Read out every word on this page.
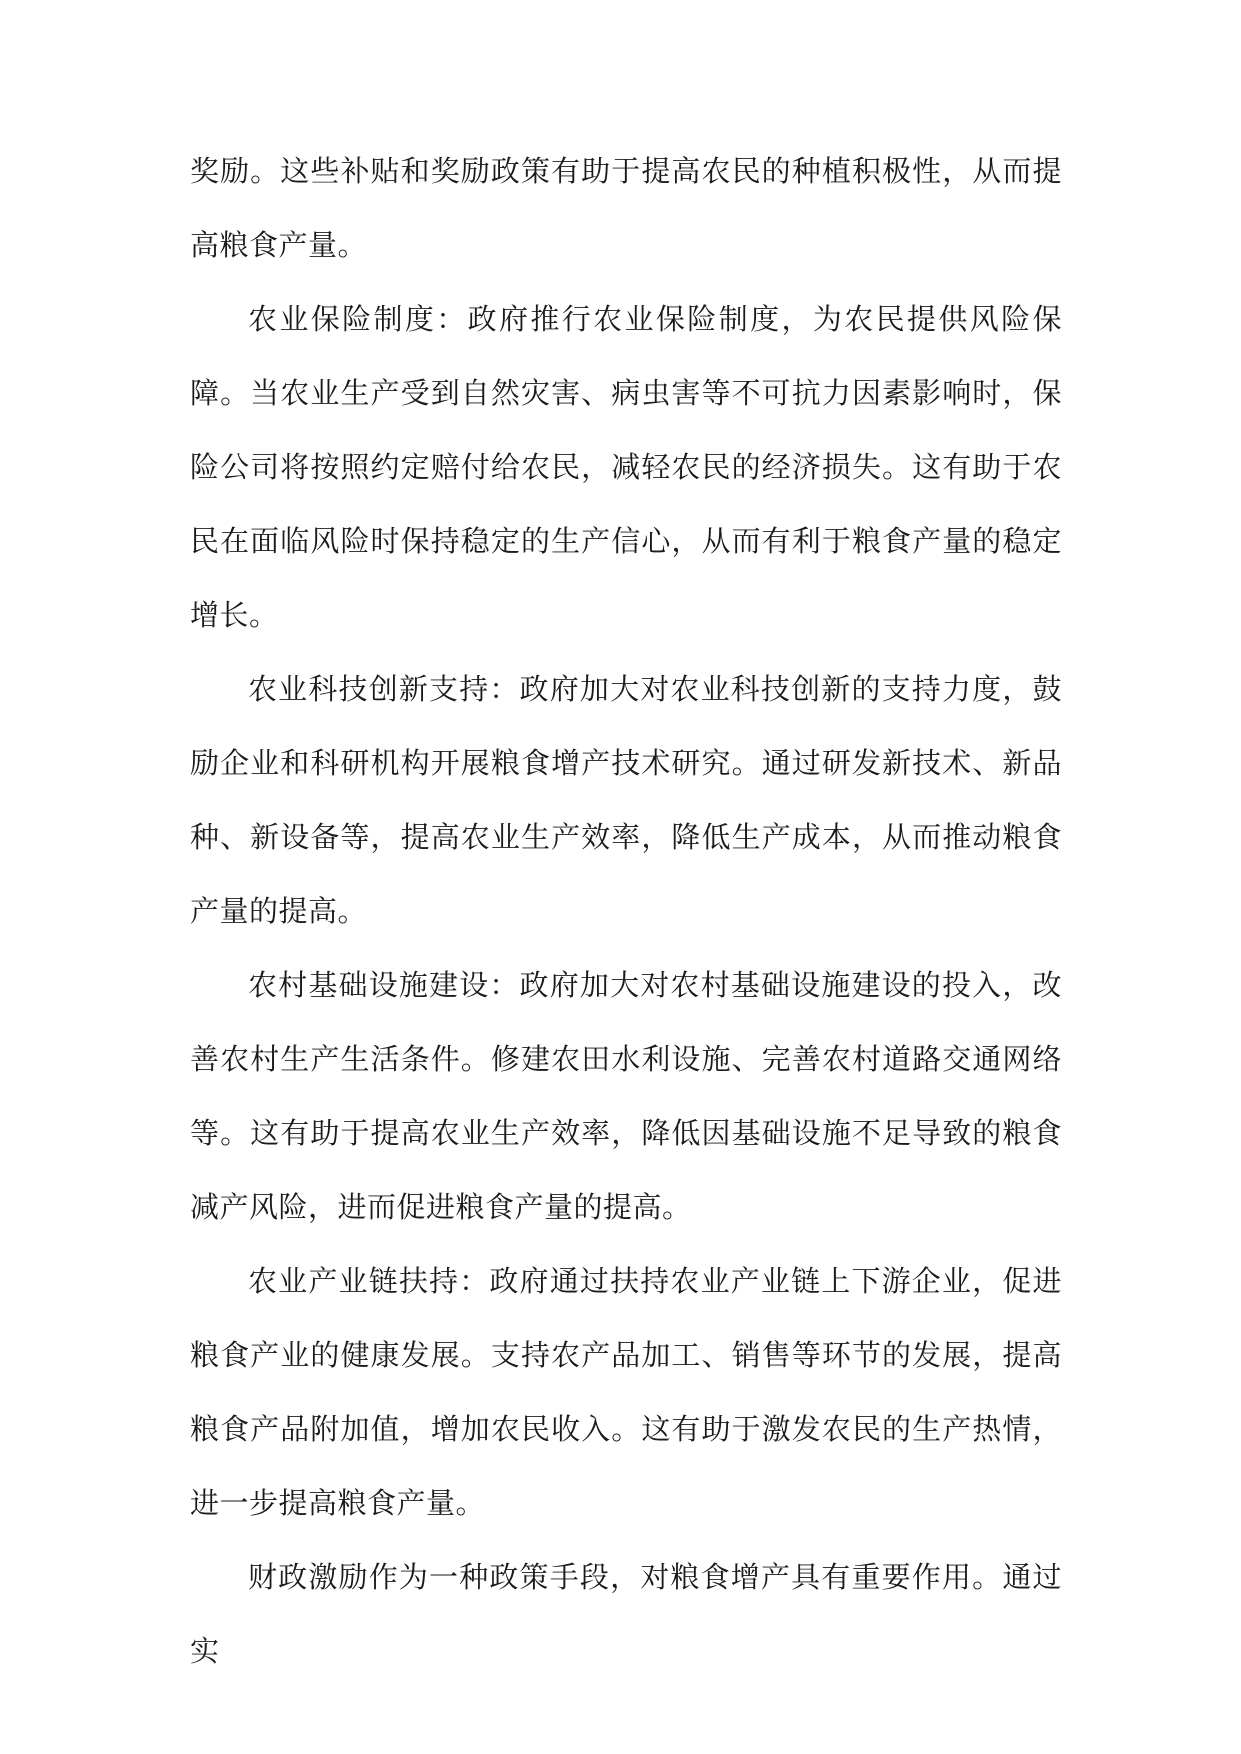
奖励。这些补贴和奖励政策有助于提高农民的种植积极性，从而提高粮食产量。

农业保险制度：政府推行农业保险制度，为农民提供风险保障。当农业生产受到自然灾害、病虫害等不可抗力因素影响时，保险公司将按照约定赔付给农民，减轻农民的经济损失。这有助于农民在面临风险时保持稳定的生产信心，从而有利于粮食产量的稳定增长。

农业科技创新支持：政府加大对农业科技创新的支持力度，鼓励企业和科研机构开展粮食增产技术研究。通过研发新技术、新品种、新设备等，提高农业生产效率，降低生产成本，从而推动粮食产量的提高。

农村基础设施建设：政府加大对农村基础设施建设的投入，改善农村生产生活条件。修建农田水利设施、完善农村道路交通网络等。这有助于提高农业生产效率，降低因基础设施不足导致的粮食减产风险，进而促进粮食产量的提高。

农业产业链扶持：政府通过扶持农业产业链上下游企业，促进粮食产业的健康发展。支持农产品加工、销售等环节的发展，提高粮食产品附加值，增加农民收入。这有助于激发农民的生产热情，进一步提高粮食产量。

财政激励作为一种政策手段，对粮食增产具有重要作用。通过实
